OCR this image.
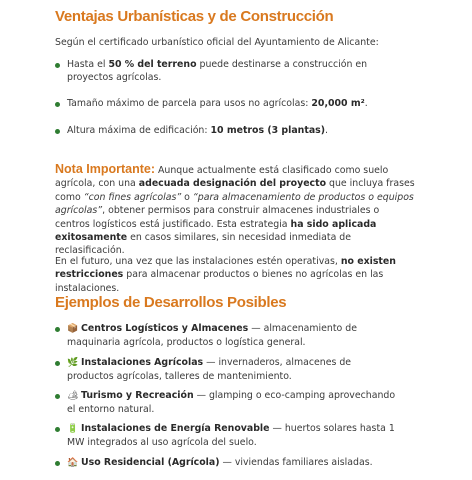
Ventajas Urbanísticas y de Construcción

Según el certificado urbanístico oficial del Ayuntamiento de Alicante:

Hasta el 50 % del terreno puede destinarse a construcción en proyectos agrícolas.
Tamaño máximo de parcela para usos no agrícolas: 20,000 m².
Altura máxima de edificación: 10 metros (3 plantas).

Nota Importante: Aunque actualmente está clasificado como suelo agrícola, con una adecuada designación del proyecto que incluya frases como “con fines agrícolas” o “para almacenamiento de productos o equipos agrícolas”, obtener permisos para construir almacenes industriales o centros logísticos está justificado. Esta estrategia ha sido aplicada exitosamente en casos similares, sin necesidad inmediata de reclasificación.

En el futuro, una vez que las instalaciones estén operativas, no existen restricciones para almacenar productos o bienes no agrícolas en las instalaciones.

Ejemplos de Desarrollos Posibles
📦 Centros Logísticos y Almacenes — almacenamiento de maquinaria agrícola, productos o logística general.
🌿 Instalaciones Agrícolas — invernaderos, almacenes de productos agrícolas, talleres de mantenimiento.
🏕 Turismo y Recreación — glamping o eco-camping aprovechando el entorno natural.
🔋 Instalaciones de Energía Renovable — huertos solares hasta 1 MW integrados al uso agrícola del suelo.
🏠 Uso Residencial (Agrícola) — viviendas familiares aisladas.
